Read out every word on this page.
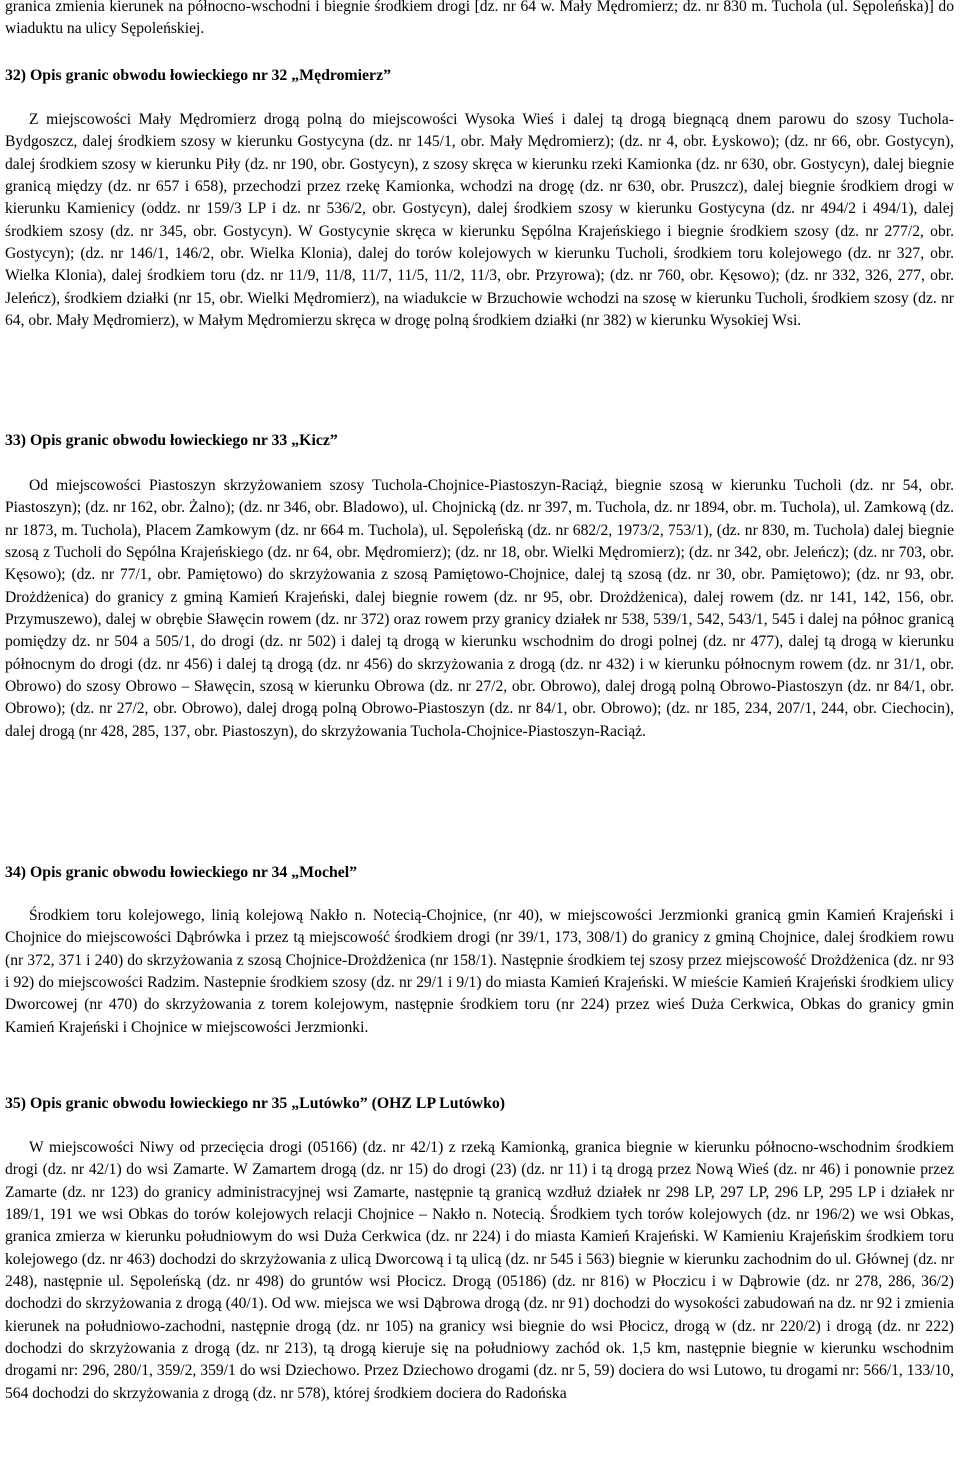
granica zmienia kierunek na północno-wschodni i biegnie środkiem drogi [dz. nr 64 w. Mały Mędromierz; dz. nr 830 m. Tuchola (ul. Sępoleńska)] do wiaduktu na ulicy Sępoleńskiej.

32) Opis granic obwodu łowieckiego nr 32 „Mędromierz”

Z miejscowości Mały Mędromierz drogą polną do miejscowości Wysoka Wieś i dalej tą drogą biegnącą dnem parowu do szosy Tuchola-Bydgoszcz, dalej środkiem szosy w kierunku Gostycyna (dz. nr 145/1, obr. Mały Mędromierz); (dz. nr 4, obr. Łyskowo); (dz. nr 66, obr. Gostycyn), dalej środkiem szosy w kierunku Piły (dz. nr 190, obr. Gostycyn), z szosy skręca w kierunku rzeki Kamionka (dz. nr 630, obr. Gostycyn), dalej biegnie granicą między (dz. nr 657 i 658), przechodzi przez rzekę Kamionka, wchodzi na drogę (dz. nr 630, obr. Pruszcz), dalej biegnie środkiem drogi w kierunku Kamienicy (oddz. nr 159/3 LP i dz. nr 536/2, obr. Gostycyn), dalej środkiem szosy w kierunku Gostycyna (dz. nr 494/2 i 494/1), dalej środkiem szosy (dz. nr 345, obr. Gostycyn). W Gostycynie skręca w kierunku Sępólna Krajeńskiego i biegnie środkiem szosy (dz. nr 277/2, obr. Gostycyn); (dz. nr 146/1, 146/2, obr. Wielka Klonia), dalej do torów kolejowych w kierunku Tucholi, środkiem toru kolejowego (dz. nr 327, obr. Wielka Klonia), dalej środkiem toru (dz. nr 11/9, 11/8, 11/7, 11/5, 11/2, 11/3, obr. Przyrowa); (dz. nr 760, obr. Kęsowo); (dz. nr 332, 326, 277, obr. Jeleńcz), środkiem działki (nr 15, obr. Wielki Mędromierz), na wiadukcie w Brzuchowie wchodzi na szosę w kierunku Tucholi, środkiem szosy (dz. nr 64, obr. Mały Mędromierz), w Małym Mędromierzu skręca w drogę polną środkiem działki (nr 382) w kierunku Wysokiej Wsi.

33) Opis granic obwodu łowieckiego nr 33 „Kicz”

Od miejscowości Piastoszyn skrzyżowaniem szosy Tuchola-Chojnice-Piastoszyn-Raciąż, biegnie szosą w kierunku Tucholi (dz. nr 54, obr. Piastoszyn); (dz. nr 162, obr. Żalno); (dz. nr 346, obr. Bladowo), ul. Chojnicką (dz. nr 397, m. Tuchola, dz. nr 1894, obr. m. Tuchola), ul. Zamkową (dz. nr 1873, m. Tuchola), Placem Zamkowym (dz. nr 664 m. Tuchola), ul. Sępoleńską (dz. nr 682/2, 1973/2, 753/1), (dz. nr 830, m. Tuchola) dalej biegnie szosą z Tucholi do Sępólna Krajeńskiego (dz. nr 64, obr. Mędromierz); (dz. nr 18, obr. Wielki Mędromierz); (dz. nr 342, obr. Jeleńcz); (dz. nr 703, obr. Kęsowo); (dz. nr 77/1, obr. Pamiętowo) do skrzyżowania z szosą Pamiętowo-Chojnice, dalej tą szosą (dz. nr 30, obr. Pamiętowo); (dz. nr 93, obr. Drożdżenica) do granicy z gminą Kamień Krajeński, dalej biegnie rowem (dz. nr 95, obr. Drożdżenica), dalej rowem (dz. nr 141, 142, 156, obr. Przymuszewo), dalej w obrębie Sławęcin rowem (dz. nr 372) oraz rowem przy granicy działek nr 538, 539/1, 542, 543/1, 545 i dalej na północ granicą pomiędzy dz. nr 504 a 505/1, do drogi (dz. nr 502) i dalej tą drogą w kierunku wschodnim do drogi polnej (dz. nr 477), dalej tą drogą w kierunku północnym do drogi (dz. nr 456) i dalej tą drogą (dz. nr 456) do skrzyżowania z drogą (dz. nr 432) i w kierunku północnym rowem (dz. nr 31/1, obr. Obrowo) do szosy Obrowo – Sławęcin, szosą w kierunku Obrowa (dz. nr 27/2, obr. Obrowo), dalej drogą polną Obrowo-Piastoszyn (dz. nr 84/1, obr. Obrowo); (dz. nr 27/2, obr. Obrowo), dalej drogą polną Obrowo-Piastoszyn (dz. nr 84/1, obr. Obrowo); (dz. nr 185, 234, 207/1, 244, obr. Ciechocin), dalej drogą (nr 428, 285, 137, obr. Piastoszyn), do skrzyżowania Tuchola-Chojnice-Piastoszyn-Raciąż.

34) Opis granic obwodu łowieckiego nr 34 „Mochel”

Środkiem toru kolejowego, linią kolejową Nakło n. Notecią-Chojnice, (nr 40), w miejscowości Jerzmionki granicą gmin Kamień Krajeński i Chojnice do miejscowości Dąbrówka i przez tą miejscowość środkiem drogi (nr 39/1, 173, 308/1) do granicy z gminą Chojnice, dalej środkiem rowu (nr 372, 371 i 240) do skrzyżowania z szosą Chojnice-Drożdżenica (nr 158/1). Następnie środkiem tej szosy przez miejscowość Drożdżenica (dz. nr 93 i 92) do miejscowości Radzim. Nastepnie środkiem szosy (dz. nr 29/1 i 9/1) do miasta Kamień Krajeński. W mieście Kamień Krajeński środkiem ulicy Dworcowej (nr 470) do skrzyżowania z torem kolejowym, następnie środkiem toru (nr 224) przez wieś Duża Cerkwica, Obkas do granicy gmin Kamień Krajeński i Chojnice w miejscowości Jerzmionki.

35) Opis granic obwodu łowieckiego nr 35 „Lutówko” (OHZ LP Lutówko)

W miejscowości Niwy od przecięcia drogi (05166) (dz. nr 42/1) z rzeką Kamionką, granica biegnie w kierunku północno-wschodnim środkiem drogi (dz. nr 42/1) do wsi Zamarte. W Zamartem drogą (dz. nr 15) do drogi (23) (dz. nr 11) i tą drogą przez Nową Wieś (dz. nr 46) i ponownie przez Zamarte (dz. nr 123) do granicy administracyjnej wsi Zamarte, następnie tą granicą wzdłuż działek nr 298 LP, 297 LP, 296 LP, 295 LP i działek nr 189/1, 191 we wsi Obkas do torów kolejowych relacji Chojnice – Nakło n. Notecią. Środkiem tych torów kolejowych (dz. nr 196/2) we wsi Obkas, granica zmierza w kierunku południowym do wsi Duża Cerkwica (dz. nr 224) i do miasta Kamień Krajeński. W Kamieniu Krajeńskim środkiem toru kolejowego (dz. nr 463) dochodzi do skrzyżowania z ulicą Dworcową i tą ulicą (dz. nr 545 i 563) biegnie w kierunku zachodnim do ul. Głównej (dz. nr 248), następnie ul. Sępoleńską (dz. nr 498) do gruntów wsi Płocicz. Drogą (05186) (dz. nr 816) w Płoczicu i w Dąbrowie (dz. nr 278, 286, 36/2) dochodzi do skrzyżowania z drogą (40/1). Od ww. miejsca we wsi Dąbrowa drogą (dz. nr 91) dochodzi do wysokości zabudowań na dz. nr 92 i zmienia kierunek na południowo-zachodni, następnie drogą (dz. nr 105) na granicy wsi biegnie do wsi Płocicz, drogą w (dz. nr 220/2) i drogą (dz. nr 222) dochodzi do skrzyżowania z drogą (dz. nr 213), tą drogą kieruje się na południowy zachód ok. 1,5 km, następnie biegnie w kierunku wschodnim drogami nr: 296, 280/1, 359/2, 359/1 do wsi Dziechowo. Przez Dziechowo drogami (dz. nr 5, 59) dociera do wsi Lutowo, tu drogami nr: 566/1, 133/10, 564 dochodzi do skrzyżowania z drogą (dz. nr 578), której środkiem dociera do Radońska
